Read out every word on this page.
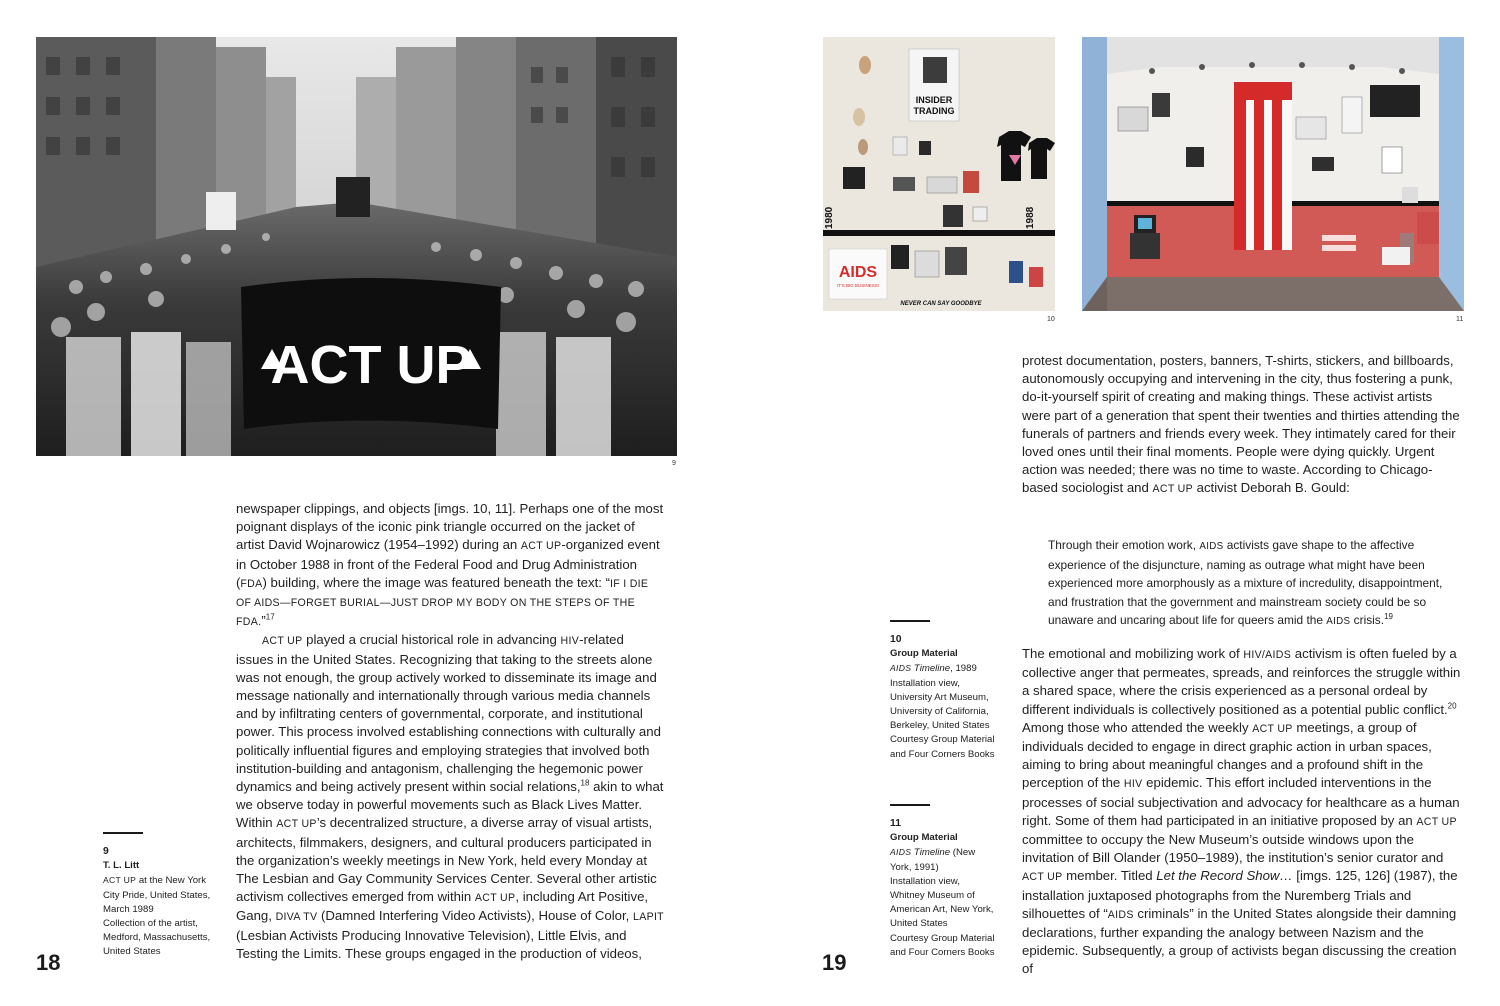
ACT UP
9

newspaper clippings, and objects [imgs. 10, 11]. Perhaps one of the most poignant displays of the iconic pink triangle occurred on the jacket of artist David Wojnarowicz (1954–1992) during an ACT UP-organized event in October 1988 in front of the Federal Food and Drug Administration (FDA) building, where the image was featured beneath the text: “IF I DIE OF AIDS—FORGET BURIAL—JUST DROP MY BODY ON THE STEPS OF THE FDA.”$^{17}$

ACT UP played a crucial historical role in advancing HIV-related issues in the United States. Recognizing that taking to the streets alone was not enough, the group actively worked to disseminate its image and message nationally and internationally through various media channels and by infiltrating centers of governmental, corporate, and institutional power. This process involved establishing connections with culturally and politically influential figures and employing strategies that involved both institution-building and antagonism, challenging the hegemonic power dynamics and being actively present within social relations,$^{18}$ akin to what we observe today in powerful movements such as Black Lives Matter. Within ACT UP’s decentralized structure, a diverse array of visual artists, architects, filmmakers, designers, and cultural producers participated in the organization’s weekly meetings in New York, held every Monday at The Lesbian and Gay Community Services Center. Several other artistic activism collectives emerged from within ACT UP, including Art Positive, Gang, DIVA TV (Damned Interfering Video Activists), House of Color, LAPIT (Lesbian Activists Producing Innovative Television), Little Elvis, and Testing the Limits. These groups engaged in the production of videos,

9
T. L. Litt
ACT UP at the New York City Pride, United States, March 1989
Collection of the artist, Medford, Massachusetts, United States
18
INSIDER
TRADING
1980	1988
AIDS
IT'S BIG BUSINESS!
NEVER CAN SAY GOODBYE
10	11

protest documentation, posters, banners, T-shirts, stickers, and billboards, autonomously occupying and intervening in the city, thus fostering a punk, do-it-yourself spirit of creating and making things. These activist artists were part of a generation that spent their twenties and thirties attending the funerals of partners and friends every week. They intimately cared for their loved ones until their final moments. People were dying quickly. Urgent action was needed; there was no time to waste. According to Chicago-based sociologist and ACT UP activist Deborah B. Gould:

Through their emotion work, AIDS activists gave shape to the affective experience of the disjuncture, naming as outrage what might have been experienced more amorphously as a mixture of incredulity, disappointment, and frustration that the government and mainstream society could be so unaware and uncaring about life for queers amid the AIDS crisis.$^{19}$

The emotional and mobilizing work of HIV/AIDS activism is often fueled by a collective anger that permeates, spreads, and reinforces the struggle within a shared space, where the crisis experienced as a personal ordeal by different individuals is collectively positioned as a potential public conflict.$^{20}$ Among those who attended the weekly ACT UP meetings, a group of individuals decided to engage in direct graphic action in urban spaces, aiming to bring about meaningful changes and a profound shift in the perception of the HIV epidemic. This effort included interventions in the processes of social subjectivation and advocacy for healthcare as a human right. Some of them had participated in an initiative proposed by an ACT UP committee to occupy the New Museum’s outside windows upon the invitation of Bill Olander (1950–1989), the institution’s senior curator and ACT UP member. Titled Let the Record Show… [imgs. 125, 126] (1987), the installation juxtaposed photographs from the Nuremberg Trials and silhouettes of “AIDS criminals” in the United States alongside their damning declarations, further expanding the analogy between Nazism and the epidemic. Subsequently, a group of activists began discussing the creation of

10
Group Material
AIDS Timeline, 1989
Installation view, University Art Museum, University of California, Berkeley, United States
Courtesy Group Material and Four Corners Books
11
Group Material
AIDS Timeline (New York, 1991)
Installation view, Whitney Museum of American Art, New York, United States
Courtesy Group Material and Four Corners Books
19
